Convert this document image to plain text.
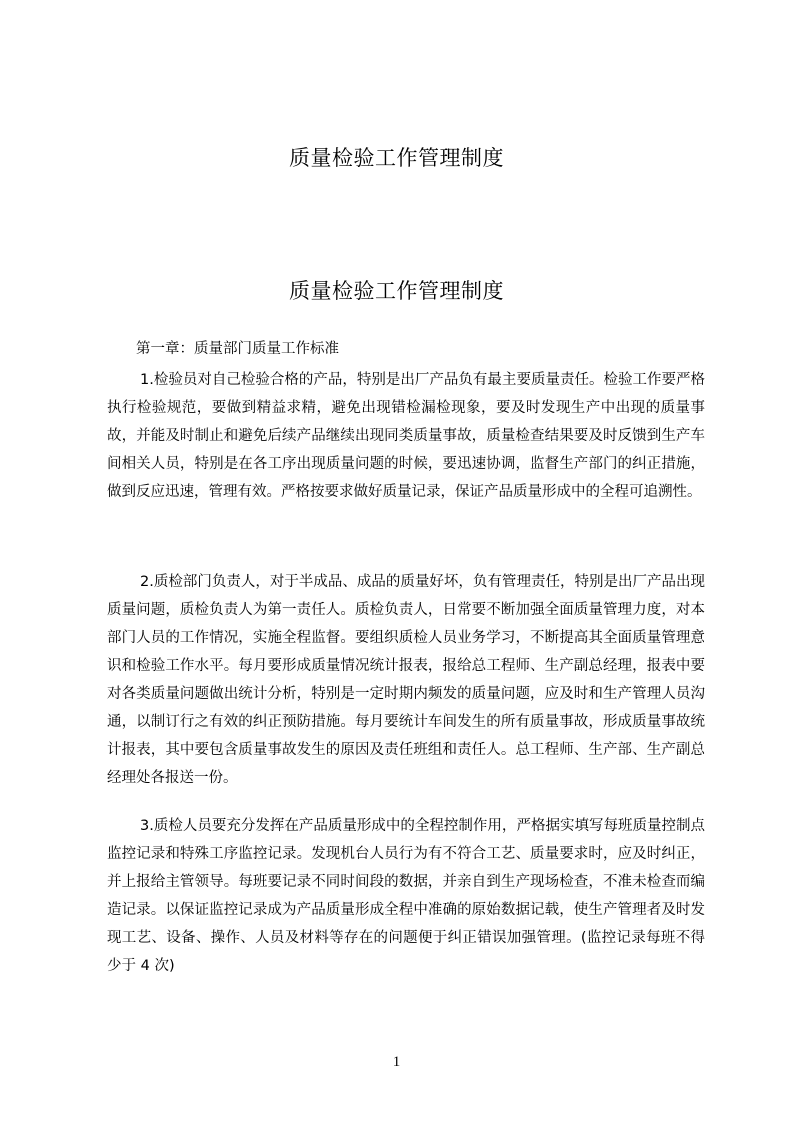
质量检验工作管理制度
质量检验工作管理制度
第一章：质量部门质量工作标准

1.检验员对自己检验合格的产品，特别是出厂产品负有最主要质量责任。检验工作要严格执行检验规范，要做到精益求精，避免出现错检漏检现象，要及时发现生产中出现的质量事故，并能及时制止和避免后续产品继续出现同类质量事故，质量检查结果要及时反馈到生产车间相关人员，特别是在各工序出现质量问题的时候，要迅速协调，监督生产部门的纠正措施，做到反应迅速，管理有效。严格按要求做好质量记录，保证产品质量形成中的全程可追溯性。

2.质检部门负责人，对于半成品、成品的质量好坏，负有管理责任，特别是出厂产品出现质量问题，质检负责人为第一责任人。质检负责人，日常要不断加强全面质量管理力度，对本部门人员的工作情况，实施全程监督。要组织质检人员业务学习，不断提高其全面质量管理意识和检验工作水平。每月要形成质量情况统计报表，报给总工程师、生产副总经理，报表中要对各类质量问题做出统计分析，特别是一定时期内频发的质量问题，应及时和生产管理人员沟通，以制订行之有效的纠正预防措施。每月要统计车间发生的所有质量事故，形成质量事故统计报表，其中要包含质量事故发生的原因及责任班组和责任人。总工程师、生产部、生产副总经理处各报送一份。

3.质检人员要充分发挥在产品质量形成中的全程控制作用，严格据实填写每班质量控制点监控记录和特殊工序监控记录。发现机台人员行为有不符合工艺、质量要求时，应及时纠正，并上报给主管领导。每班要记录不同时间段的数据，并亲自到生产现场检查，不准未检查而编造记录。以保证监控记录成为产品质量形成全程中准确的原始数据记载，使生产管理者及时发现工艺、设备、操作、人员及材料等存在的问题便于纠正错误加强管理。(监控记录每班不得少于 4 次)

1
